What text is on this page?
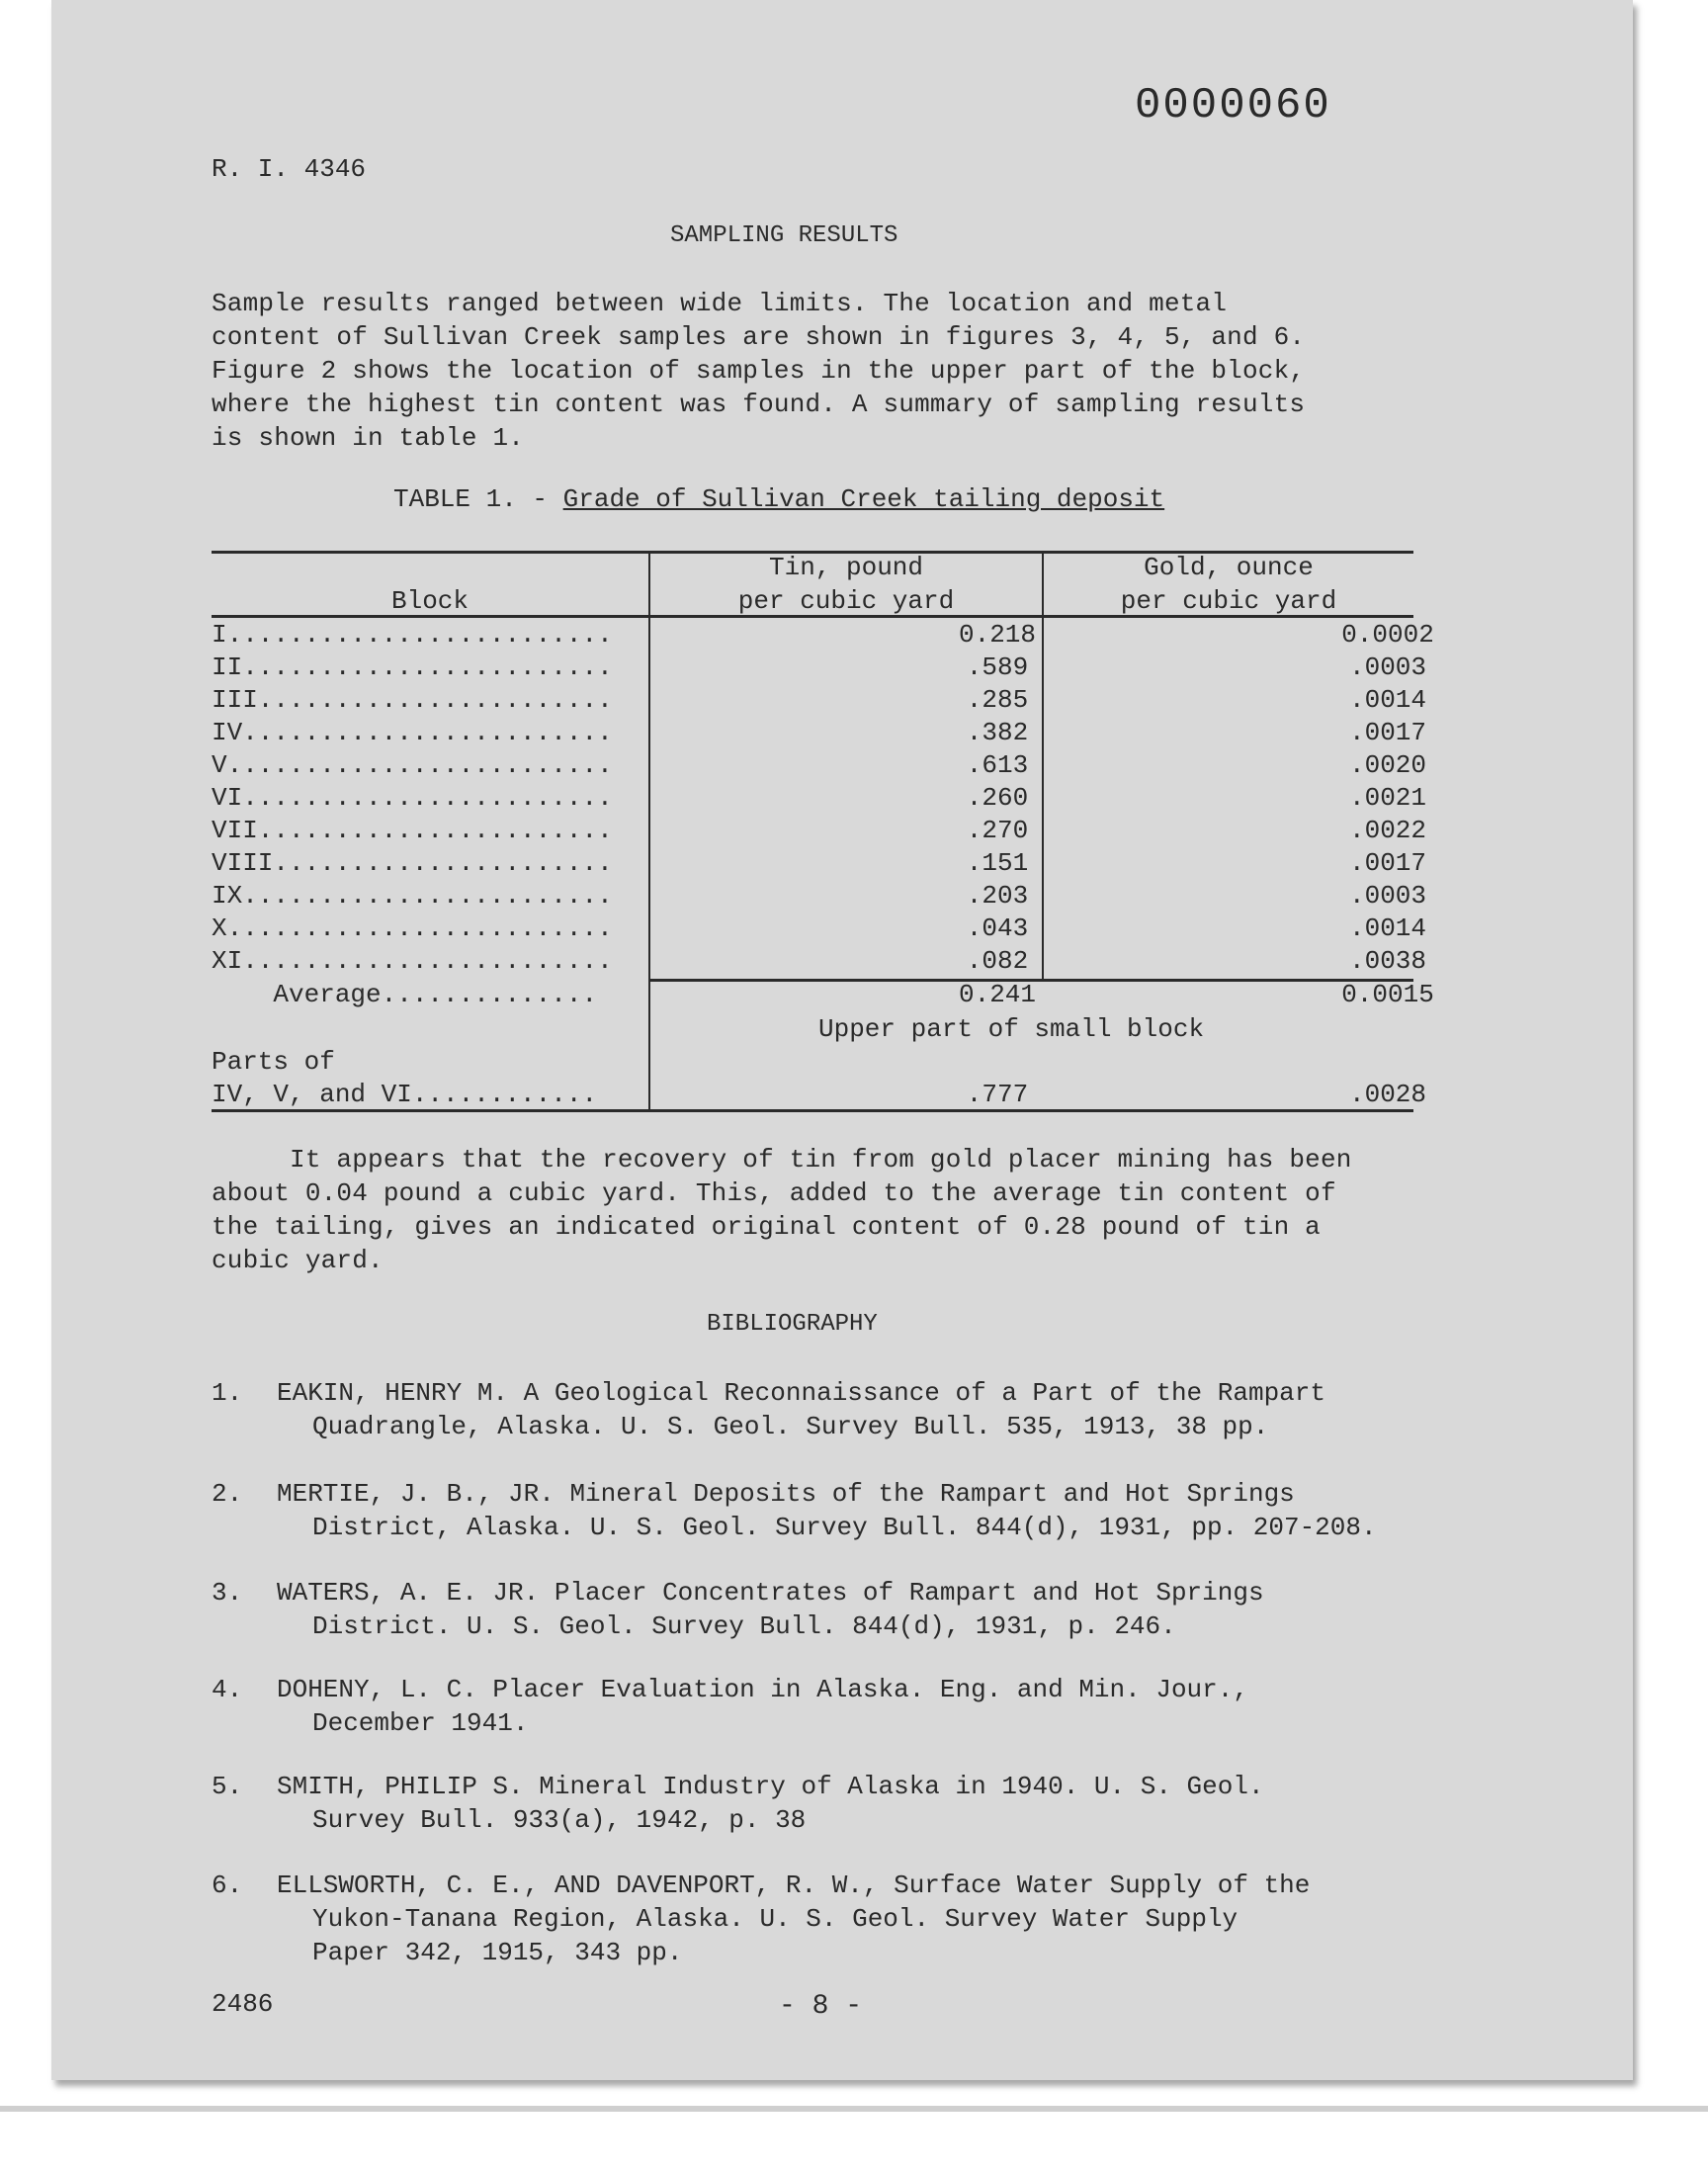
0000060
R. I. 4346
SAMPLING RESULTS
Sample results ranged between wide limits. The location and metal
content of Sullivan Creek samples are shown in figures 3, 4, 5, and 6.
Figure 2 shows the location of samples in the upper part of the block,
where the highest tin content was found. A summary of sampling results
is shown in table 1.
TABLE 1. - Grade of Sullivan Creek tailing deposit
Block
Tin, pound
per cubic yard
Gold, ounce
per cubic yard
I.........................	0.218	0.0002
II........................	.589	.0003
III.......................	.285	.0014
IV........................	.382	.0017
V.........................	.613	.0020
VI........................	.260	.0021
VII.......................	.270	.0022
VIII......................	.151	.0017
IX........................	.203	.0003
X.........................	.043	.0014
XI........................	.082	.0038
Average..............	0.241	0.0015
Upper part of small block
Parts of
IV, V, and VI............	.777	.0028
It appears that the recovery of tin from gold placer mining has been
about 0.04 pound a cubic yard. This, added to the average tin content of
the tailing, gives an indicated original content of 0.28 pound of tin a
cubic yard.
BIBLIOGRAPHY
1. EAKIN, HENRY M. A Geological Reconnaissance of a Part of the Rampart
Quadrangle, Alaska. U. S. Geol. Survey Bull. 535, 1913, 38 pp.
2. MERTIE, J. B., JR. Mineral Deposits of the Rampart and Hot Springs
District, Alaska. U. S. Geol. Survey Bull. 844(d), 1931, pp. 207-208.
3. WATERS, A. E. JR. Placer Concentrates of Rampart and Hot Springs
District. U. S. Geol. Survey Bull. 844(d), 1931, p. 246.
4. DOHENY, L. C. Placer Evaluation in Alaska. Eng. and Min. Jour.,
December 1941.
5. SMITH, PHILIP S. Mineral Industry of Alaska in 1940. U. S. Geol.
Survey Bull. 933(a), 1942, p. 38
6. ELLSWORTH, C. E., AND DAVENPORT, R. W., Surface Water Supply of the
Yukon-Tanana Region, Alaska. U. S. Geol. Survey Water Supply
Paper 342, 1915, 343 pp.
2486	- 8 -
